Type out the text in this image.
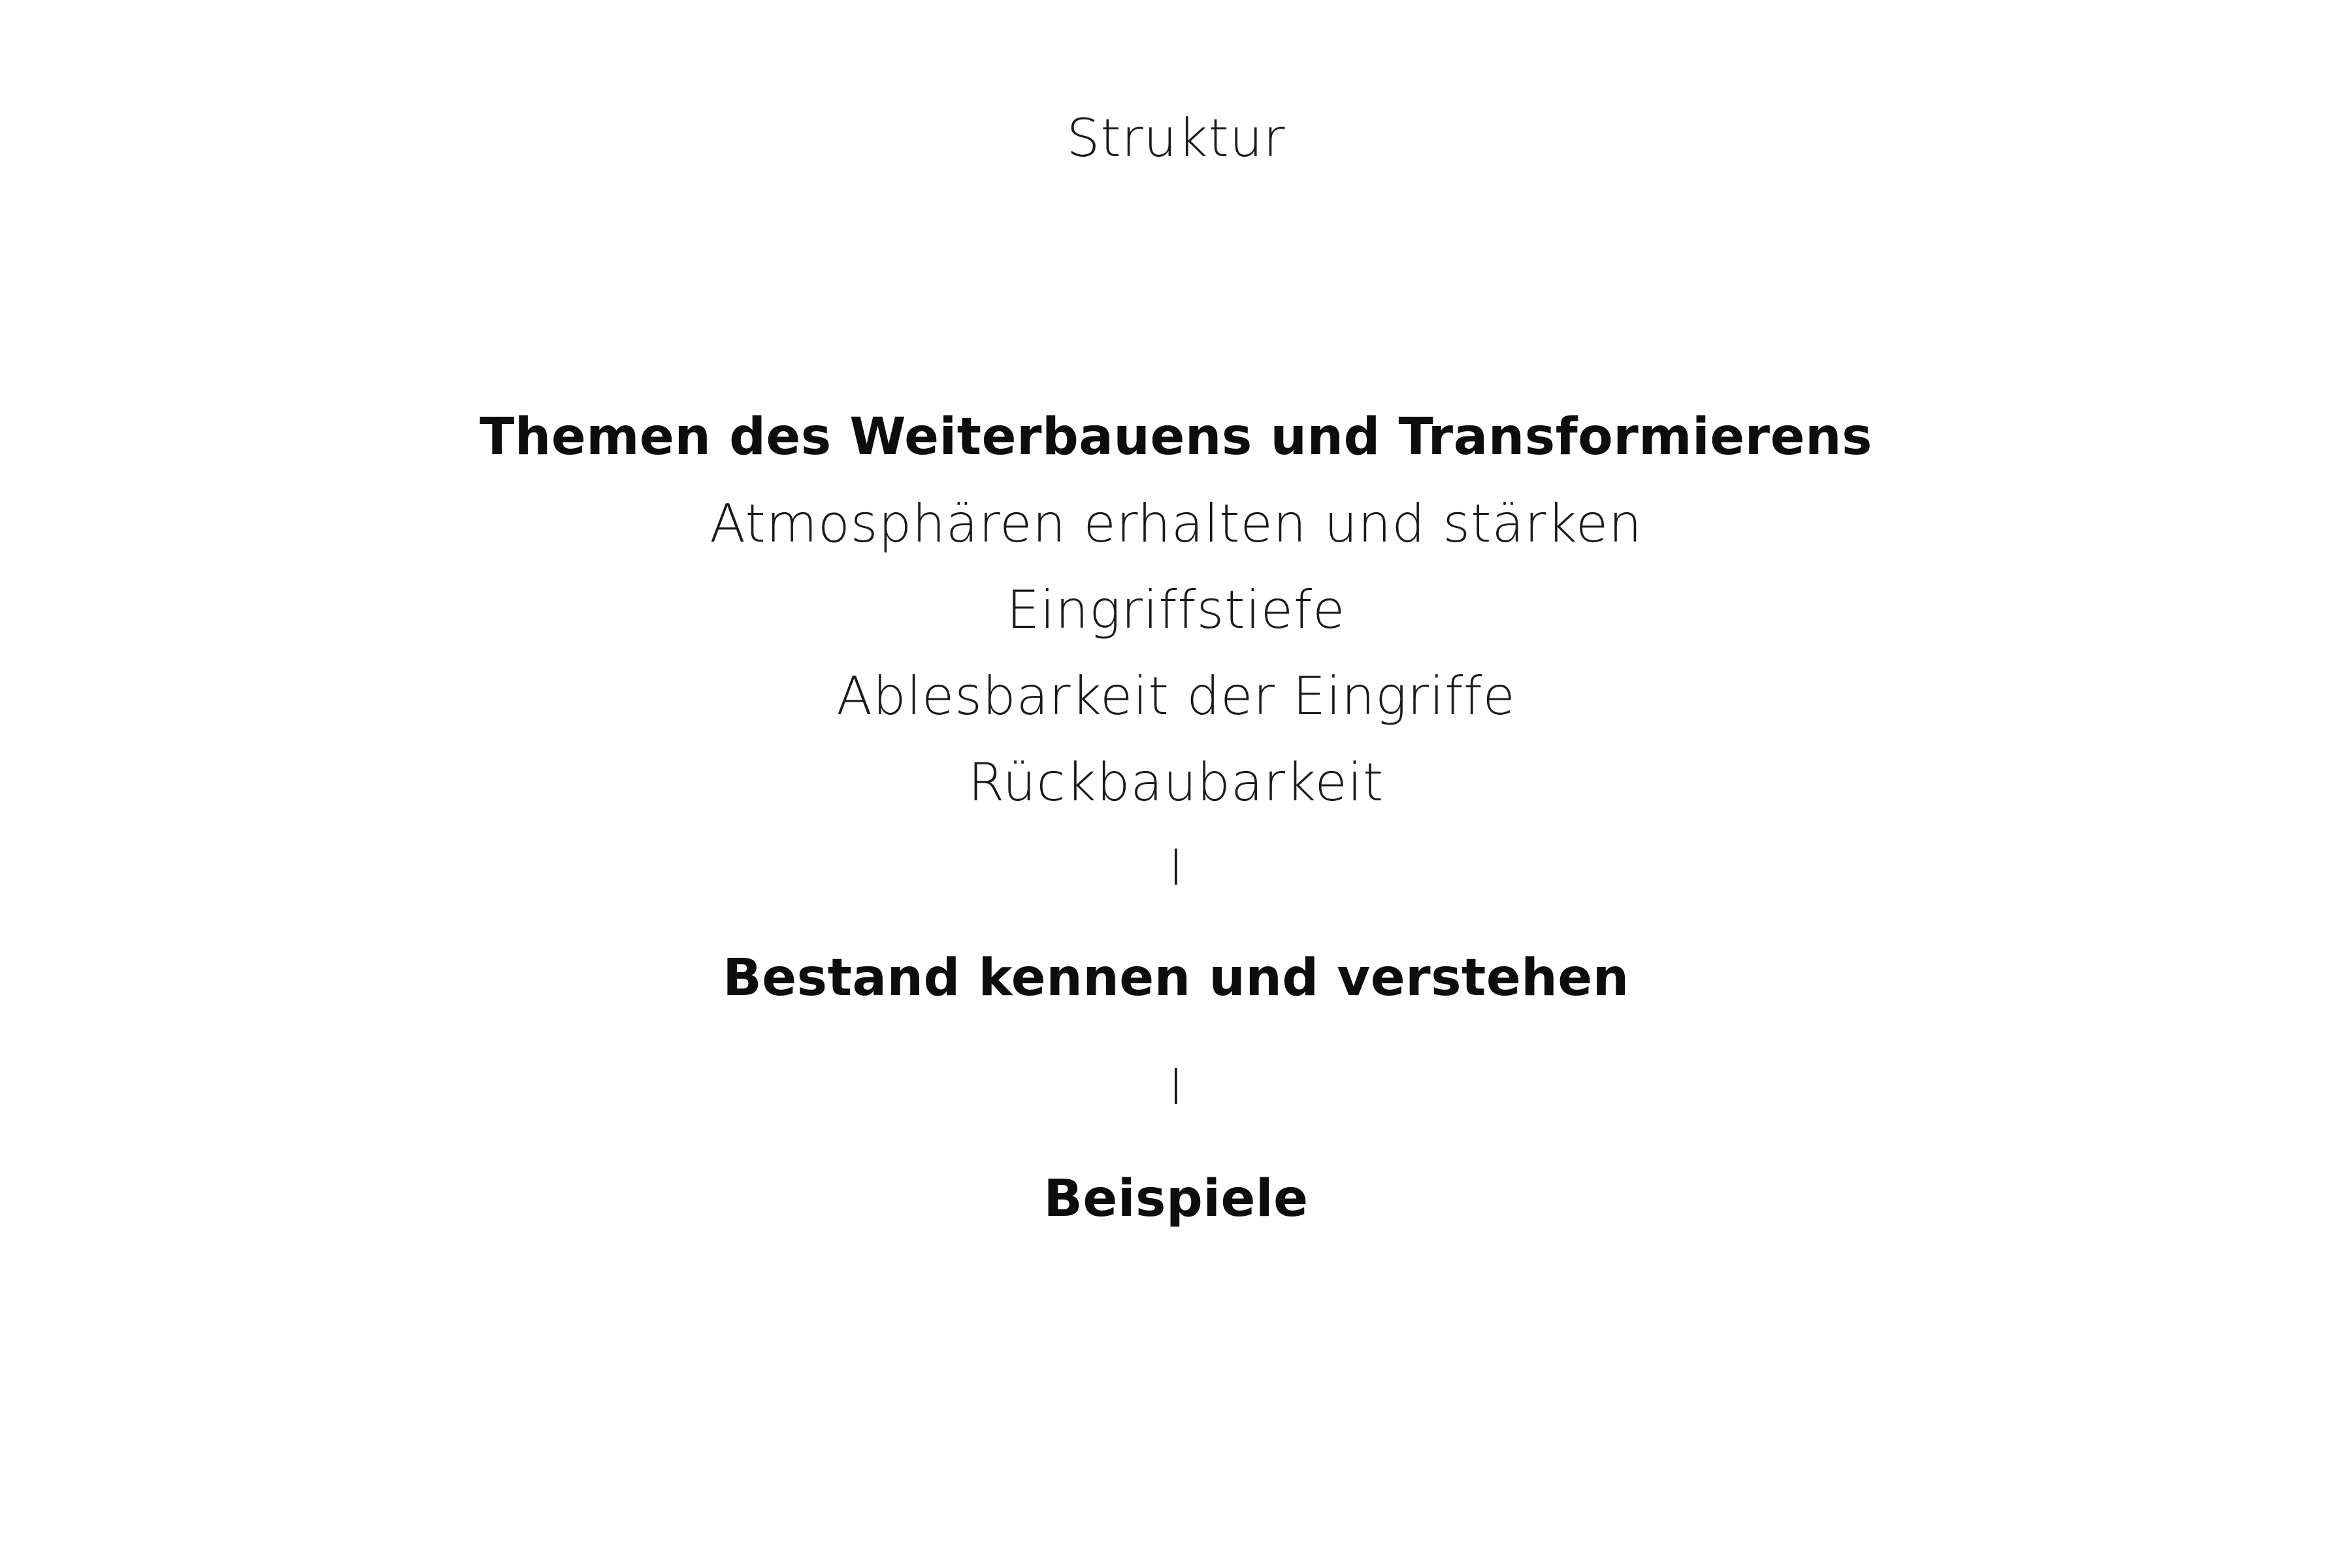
Struktur
Themen des Weiterbauens und Transformierens
Atmosphären erhalten und stärken
Eingriffstiefe
Ablesbarkeit der Eingriffe
Rückbaubarkeit
I
Bestand kennen und verstehen
I
Beispiele
